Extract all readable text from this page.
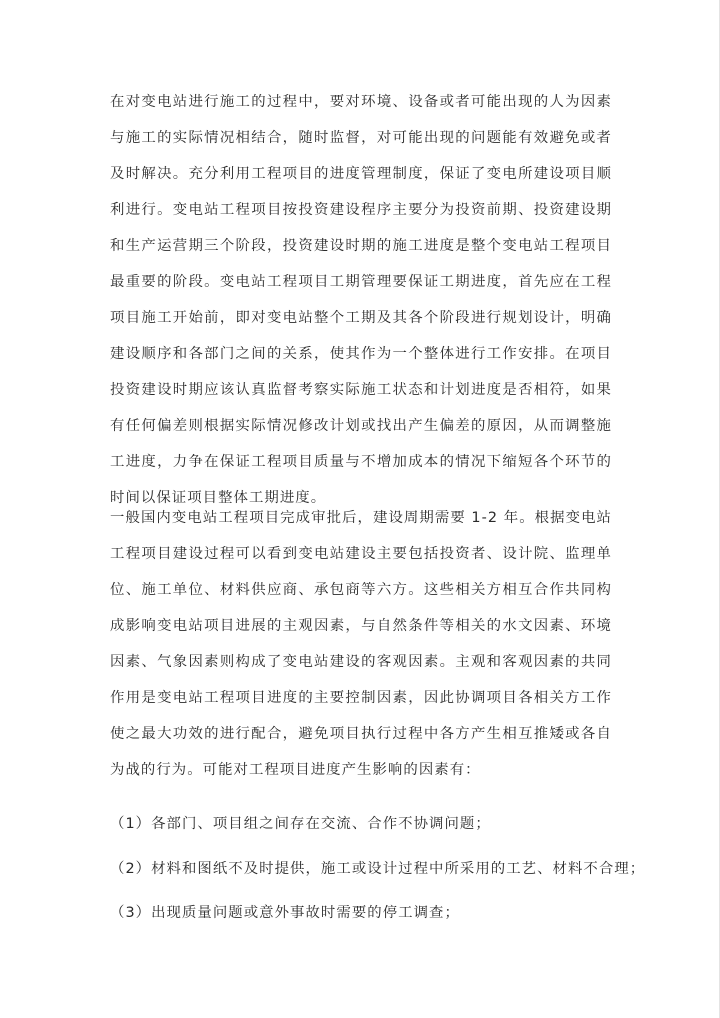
在对变电站进行施工的过程中，要对环境、设备或者可能出现的人为因素与施工的实际情况相结合，随时监督，对可能出现的问题能有效避免或者及时解决。充分利用工程项目的进度管理制度，保证了变电所建设项目顺利进行。变电站工程项目按投资建设程序主要分为投资前期、投资建设期和生产运营期三个阶段，投资建设时期的施工进度是整个变电站工程项目最重要的阶段。变电站工程项目工期管理要保证工期进度，首先应在工程项目施工开始前，即对变电站整个工期及其各个阶段进行规划设计，明确建设顺序和各部门之间的关系，使其作为一个整体进行工作安排。在项目投资建设时期应该认真监督考察实际施工状态和计划进度是否相符，如果有任何偏差则根据实际情况修改计划或找出产生偏差的原因，从而调整施工进度，力争在保证工程项目质量与不增加成本的情况下缩短各个环节的时间以保证项目整体工期进度。
一般国内变电站工程项目完成审批后，建设周期需要 1-2 年。根据变电站工程项目建设过程可以看到变电站建设主要包括投资者、设计院、监理单位、施工单位、材料供应商、承包商等六方。这些相关方相互合作共同构成影响变电站项目进展的主观因素，与自然条件等相关的水文因素、环境因素、气象因素则构成了变电站建设的客观因素。主观和客观因素的共同作用是变电站工程项目进度的主要控制因素，因此协调项目各相关方工作使之最大功效的进行配合，避免项目执行过程中各方产生相互推矮或各自为战的行为。可能对工程项目进度产生影响的因素有：
（1）各部门、项目组之间存在交流、合作不协调问题；
（2）材料和图纸不及时提供，施工或设计过程中所采用的工艺、材料不合理；
（3）出现质量问题或意外事故时需要的停工调查；
